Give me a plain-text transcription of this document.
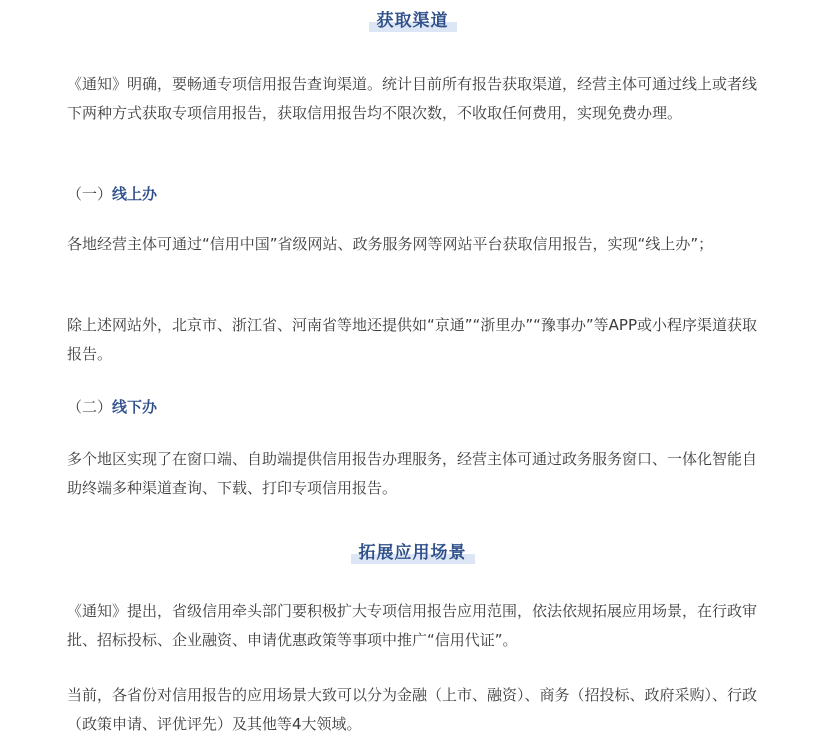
获取渠道

《通知》明确，要畅通专项信用报告查询渠道。统计目前所有报告获取渠道，经营主体可通过线上或者线下两种方式获取专项信用报告，获取信用报告均不限次数，不收取任何费用，实现免费办理。

（一）线上办

各地经营主体可通过“信用中国”省级网站、政务服务网等网站平台获取信用报告，实现“线上办”；

除上述网站外，北京市、浙江省、河南省等地还提供如“京通”“浙里办”“豫事办”等APP或小程序渠道获取报告。

（二）线下办

多个地区实现了在窗口端、自助端提供信用报告办理服务，经营主体可通过政务服务窗口、一体化智能自助终端多种渠道查询、下载、打印专项信用报告。

拓展应用场景

《通知》提出，省级信用牵头部门要积极扩大专项信用报告应用范围，依法依规拓展应用场景，在行政审批、招标投标、企业融资、申请优惠政策等事项中推广“信用代证”。

当前，各省份对信用报告的应用场景大致可以分为金融（上市、融资）、商务（招投标、政府采购）、行政（政策申请、评优评先）及其他等4大领域。
